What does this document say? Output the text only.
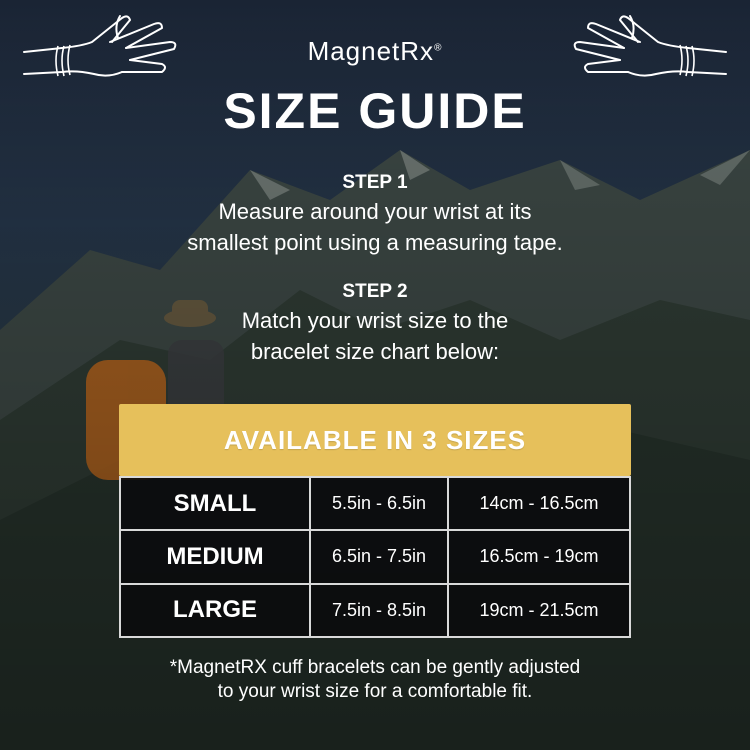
MagnetRx®
SIZE GUIDE
STEP 1
Measure around your wrist at its
smallest point using a measuring tape.
STEP 2
Match your wrist size to the
bracelet size chart below:
AVAILABLE IN 3 SIZES
SMALL	5.5in - 6.5in	14cm - 16.5cm
MEDIUM	6.5in - 7.5in	16.5cm - 19cm
LARGE	7.5in - 8.5in	19cm - 21.5cm
*MagnetRX cuff bracelets can be gently adjusted
to your wrist size for a comfortable fit.
